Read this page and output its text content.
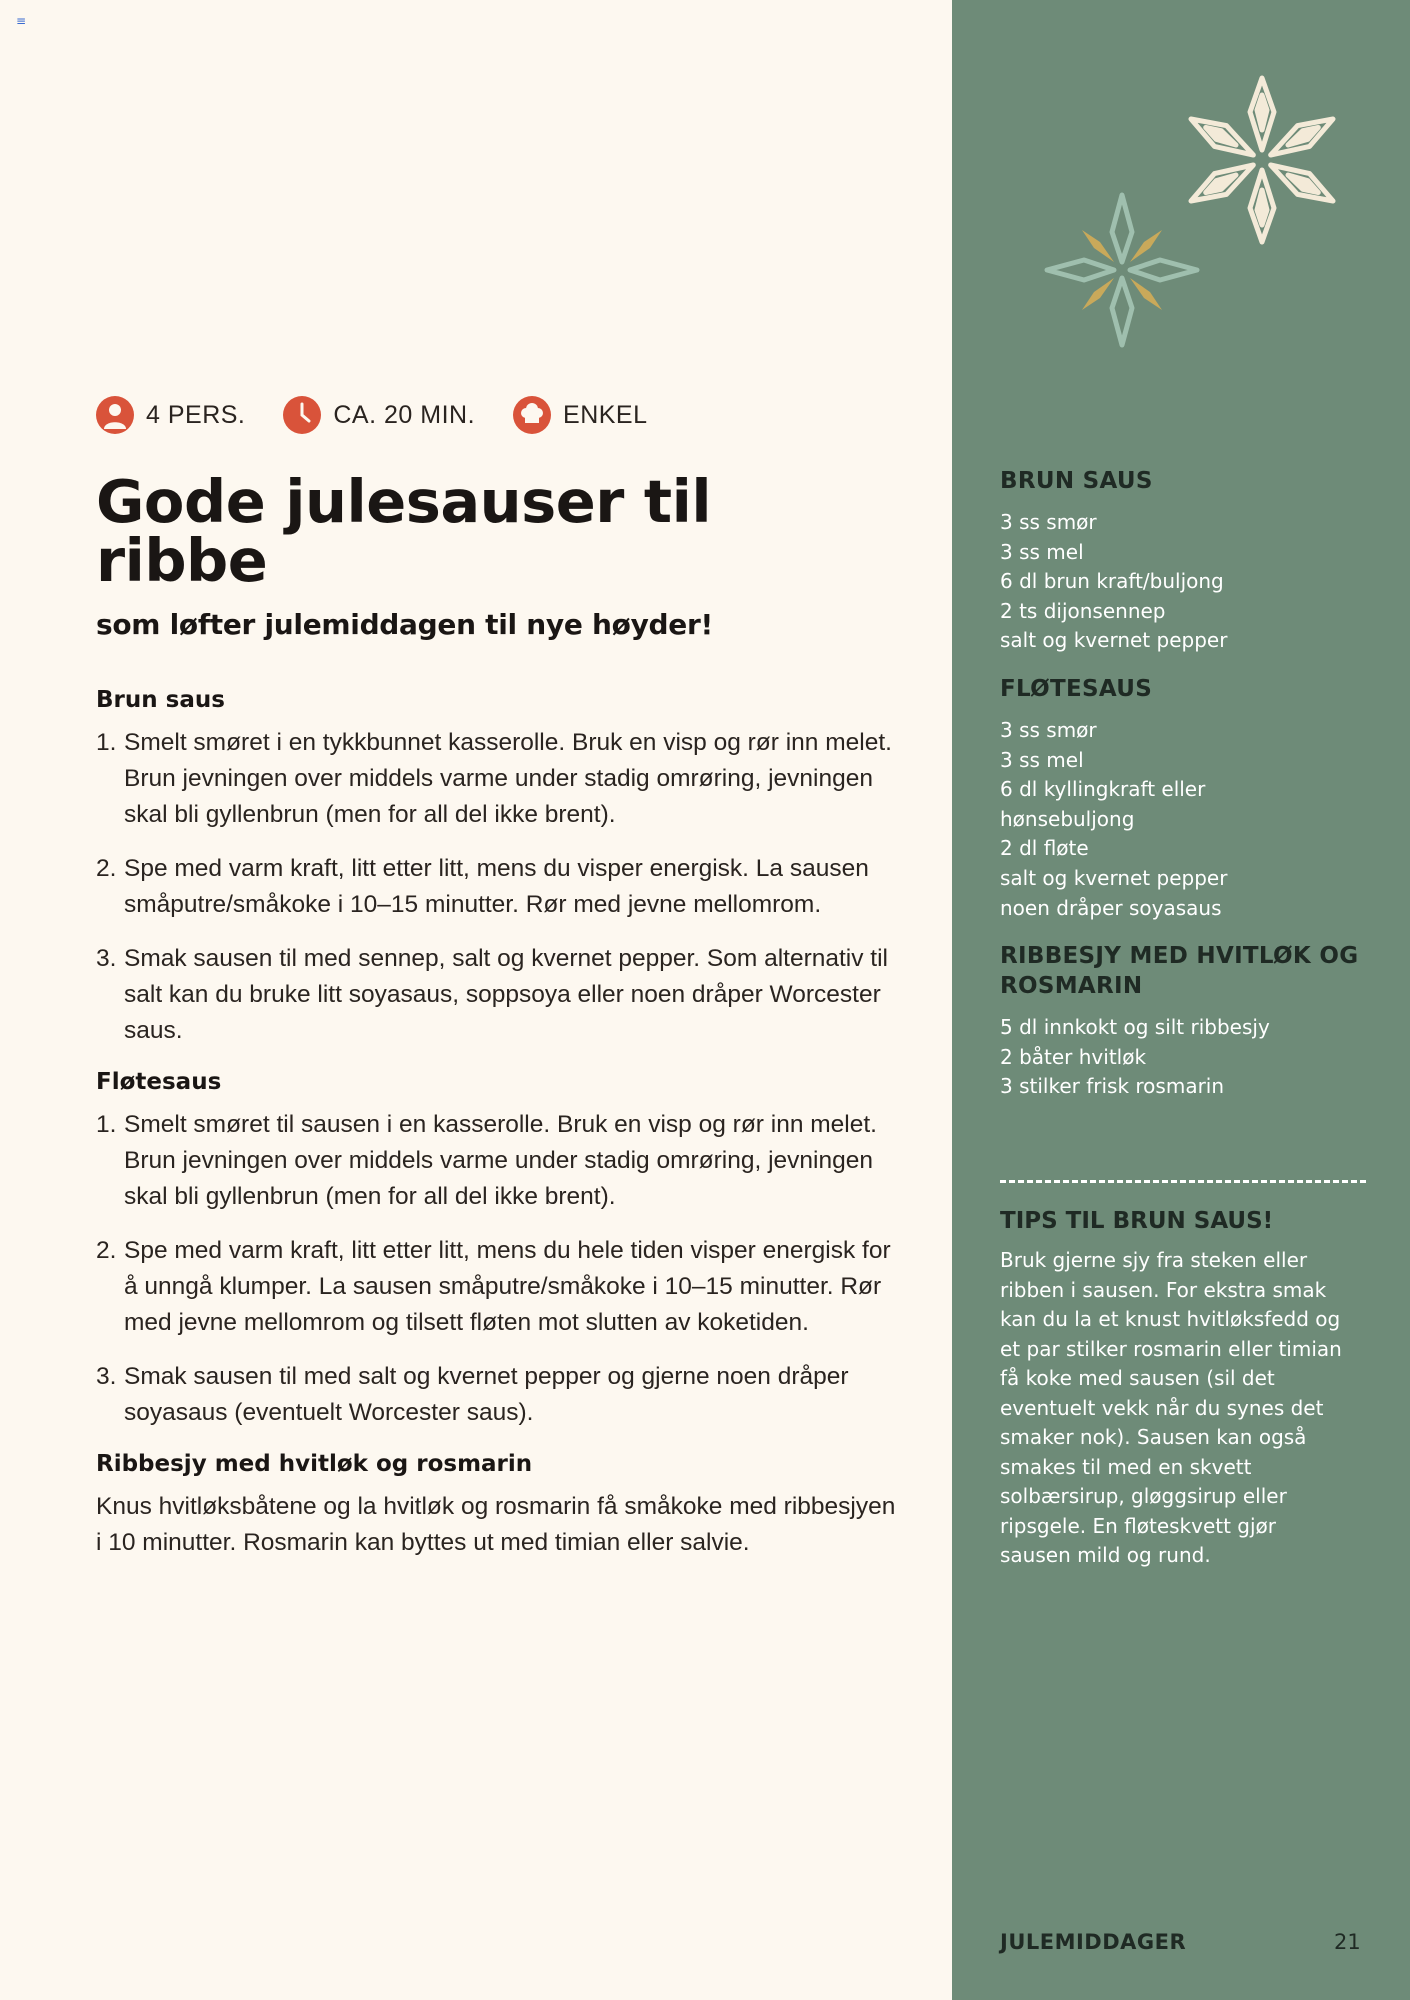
≡
4 PERS.	CA. 20 MIN.	ENKEL
Gode julesauser til ribbe
som løfter julemiddagen til nye høyder!
Brun saus
1. Smelt smøret i en tykkbunnet kasserolle. Bruk en visp og rør inn melet. Brun jevningen over middels varme under stadig omrøring, jevningen skal bli gyllenbrun (men for all del ikke brent).
2. Spe med varm kraft, litt etter litt, mens du visper energisk. La sausen småputre/småkoke i 10–15 minutter. Rør med jevne mellomrom.
3. Smak sausen til med sennep, salt og kvernet pepper. Som alternativ til salt kan du bruke litt soyasaus, soppsoya eller noen dråper Worcester saus.
Fløtesaus
1. Smelt smøret til sausen i en kasserolle. Bruk en visp og rør inn melet. Brun jevningen over middels varme under stadig omrøring, jevningen skal bli gyllenbrun (men for all del ikke brent).
2. Spe med varm kraft, litt etter litt, mens du hele tiden visper energisk for å unngå klumper. La sausen småputre/småkoke i 10–15 minutter. Rør med jevne mellomrom og tilsett fløten mot slutten av koketiden.
3. Smak sausen til med salt og kvernet pepper og gjerne noen dråper soyasaus (eventuelt Worcester saus).
Ribbesjy med hvitløk og rosmarin

Knus hvitløksbåtene og la hvitløk og rosmarin få småkoke med ribbesjyen i 10 minutter. Rosmarin kan byttes ut med timian eller salvie.

BRUN SAUS
3 ss smør
3 ss mel
6 dl brun kraft/buljong
2 ts dijonsennep
salt og kvernet pepper
FLØTESAUS
3 ss smør
3 ss mel
6 dl kyllingkraft eller
hønsebuljong
2 dl fløte
salt og kvernet pepper
noen dråper soyasaus
RIBBESJY MED HVITLØK OG ROSMARIN
5 dl innkokt og silt ribbesjy
2 båter hvitløk
3 stilker frisk rosmarin
TIPS TIL BRUN SAUS!

Bruk gjerne sjy fra steken eller ribben i sausen. For ekstra smak kan du la et knust hvitløksfedd og et par stilker rosmarin eller timian få koke med sausen (sil det eventuelt vekk når du synes det smaker nok). Sausen kan også smakes til med en skvett solbærsirup, gløggsirup eller ripsgele. En fløteskvett gjør sausen mild og rund.

JULEMIDDAGER	21
